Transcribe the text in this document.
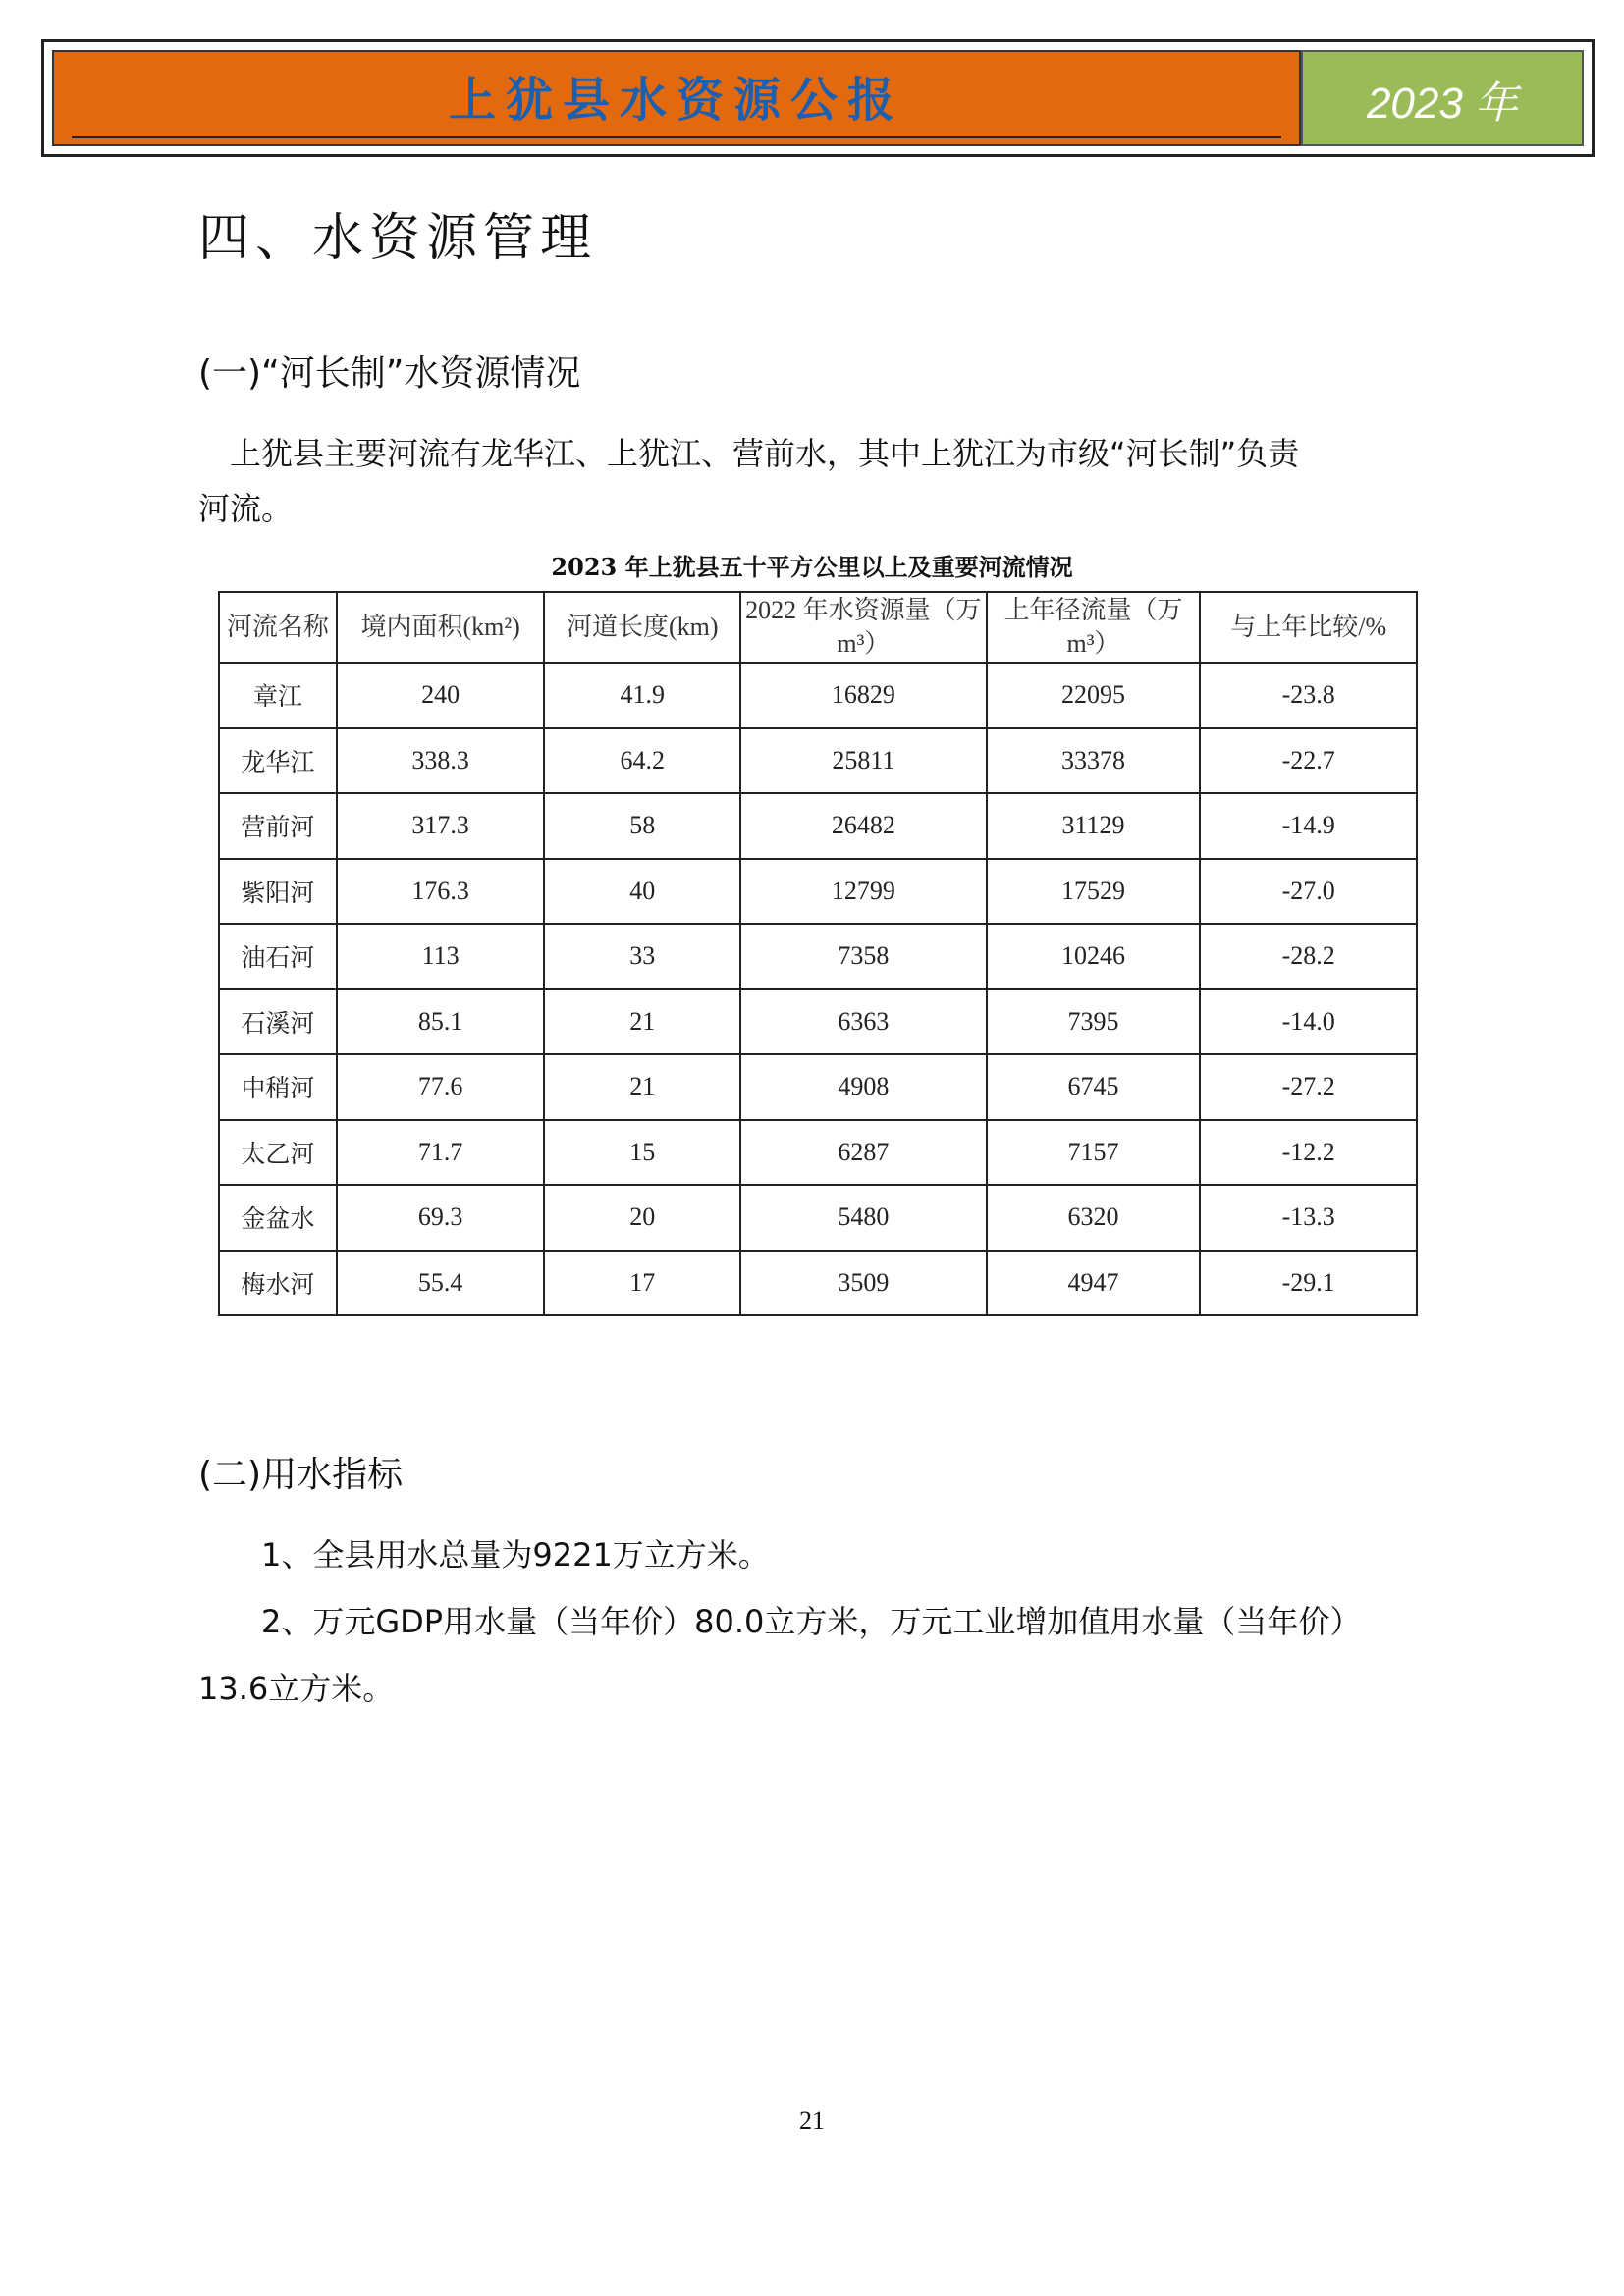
上犹县水资源公报	2023 年
四、水资源管理
(一)“河长制”水资源情况
上犹县主要河流有龙华江、上犹江、营前水，其中上犹江为市级“河长制”负责
河流。
2023 年上犹县五十平方公里以上及重要河流情况
河流名称	境内面积(km²)	河道长度(km)	2022 年水资源量（万 m³）	上年径流量（万 m³）	与上年比较/%
章江	240	41.9	16829	22095	-23.8
龙华江	338.3	64.2	25811	33378	-22.7
营前河	317.3	58	26482	31129	-14.9
紫阳河	176.3	40	12799	17529	-27.0
油石河	113	33	7358	10246	-28.2
石溪河	85.1	21	6363	7395	-14.0
中稍河	77.6	21	4908	6745	-27.2
太乙河	71.7	15	6287	7157	-12.2
金盆水	69.3	20	5480	6320	-13.3
梅水河	55.4	17	3509	4947	-29.1
(二)用水指标
1、全县用水总量为9221万立方米。
2、万元GDP用水量（当年价）80.0立方米，万元工业增加值用水量（当年价）
13.6立方米。
21
